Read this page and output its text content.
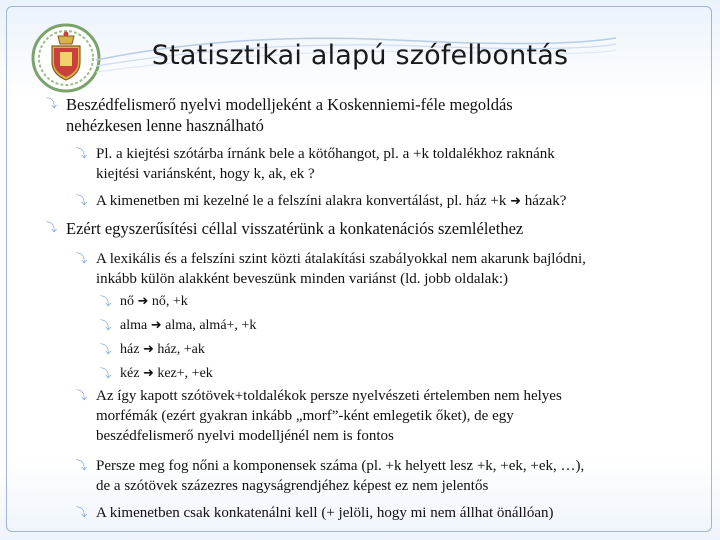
Statisztikai alapú szófelbontás
⤵ Beszédfelismerő nyelvi modelljeként a Koskenniemi-féle megoldás
nehézkesen lenne használható
⤵ Pl. a kiejtési szótárba írnánk bele a kötőhangot, pl. a +k toldalékhoz raknánk
kiejtési variánsként, hogy k, ak, ek ?
⤵ A kimenetben mi kezelné le a felszíni alakra konvertálást, pl. ház +k ➜ házak?
⤵ Ezért egyszerűsítési céllal visszatérünk a konkatenációs szemlélethez
⤵ A lexikális és a felszíni szint közti átalakítási szabályokkal nem akarunk bajlódni,
inkább külön alakként beveszünk minden variánst (ld. jobb oldalak:)
⤵ nő ➜ nő, +k
⤵ alma ➜ alma, almá+, +k
⤵ ház ➜ ház, +ak
⤵ kéz ➜ kez+, +ek
⤵ Az így kapott szótövek+toldalékok persze nyelvészeti értelemben nem helyes
morfémák (ezért gyakran inkább „morf”-ként emlegetik őket), de egy
beszédfelismerő nyelvi modelljénél nem is fontos
⤵ Persze meg fog nőni a komponensek száma (pl. +k helyett lesz +k, +ek, +ek, …),
de a szótövek százezres nagyságrendjéhez képest ez nem jelentős
⤵ A kimenetben csak konkatenálni kell (+ jelöli, hogy mi nem állhat önállóan)
